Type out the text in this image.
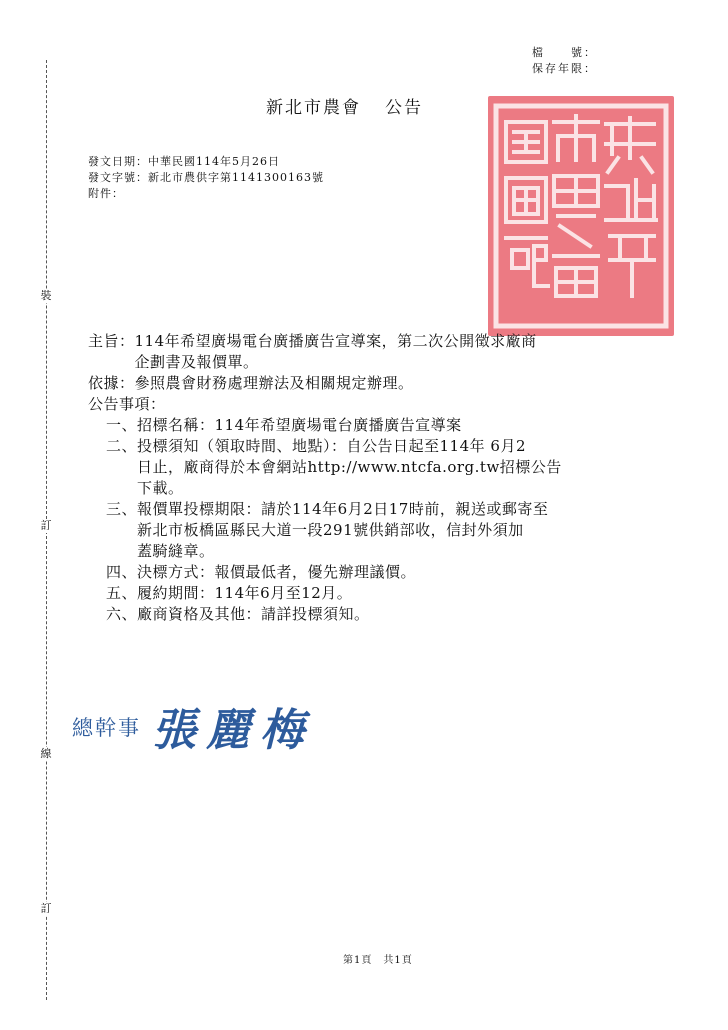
裝
訂
線
訂
檔　　號：
保存年限：
新北市農會 公告
發文日期：中華民國114年5月26日
發文字號：新北市農供字第1141300163號
附件：
主旨： 114年希望廣場電台廣播廣告宣導案，第二次公開徵求廠商
企劃書及報價單。
依據： 參照農會財務處理辦法及相關規定辦理。
公告事項：
一、 招標名稱：114年希望廣場電台廣播廣告宣導案
二、 投標須知（領取時間、地點）：自公告日起至114年 6月2
日止，廠商得於本會網站http://www.ntcfa.org.tw招標公告
下載。
三、 報價單投標期限：請於114年6月2日17時前，親送或郵寄至
新北市板橋區縣民大道一段291號供銷部收，信封外須加
蓋騎縫章。
四、 決標方式：報價最低者，優先辦理議價。
五、 履約期間：114年6月至12月。
六、 廠商資格及其他：請詳投標須知。
總幹事 張麗梅
第1頁　共1頁
